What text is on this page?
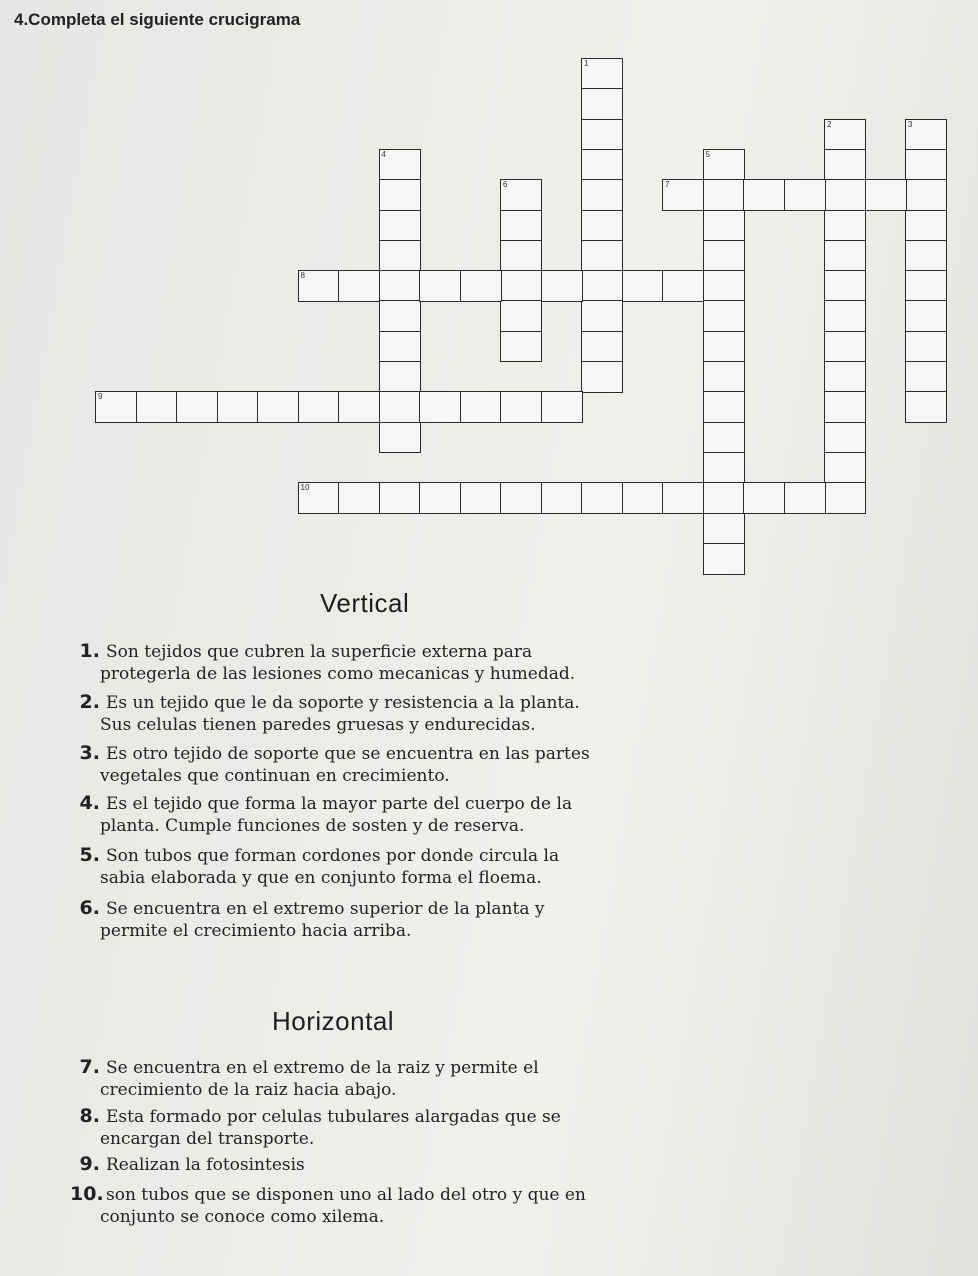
4.Completa el siguiente crucigrama
1
2	3
4	5
6	7
8
9
10
Vertical
1. Son tejidos que cubren la superficie externa para
protegerla de las lesiones como mecanicas y humedad.
2. Es un tejido que le da soporte y resistencia a la planta.
Sus celulas tienen paredes gruesas y endurecidas.
3. Es otro tejido de soporte que se encuentra en las partes
vegetales que continuan en crecimiento.
4. Es el tejido que forma la mayor parte del cuerpo de la
planta. Cumple funciones de sosten y de reserva.
5. Son tubos que forman cordones por donde circula la
sabia elaborada y que en conjunto forma el floema.
6. Se encuentra en el extremo superior de la planta y
permite el crecimiento hacia arriba.
Horizontal
7. Se encuentra en el extremo de la raiz y permite el
crecimiento de la raiz hacia abajo.
8. Esta formado por celulas tubulares alargadas que se
encargan del transporte.
9. Realizan la fotosintesis
10. son tubos que se disponen uno al lado del otro y que en
conjunto se conoce como xilema.
